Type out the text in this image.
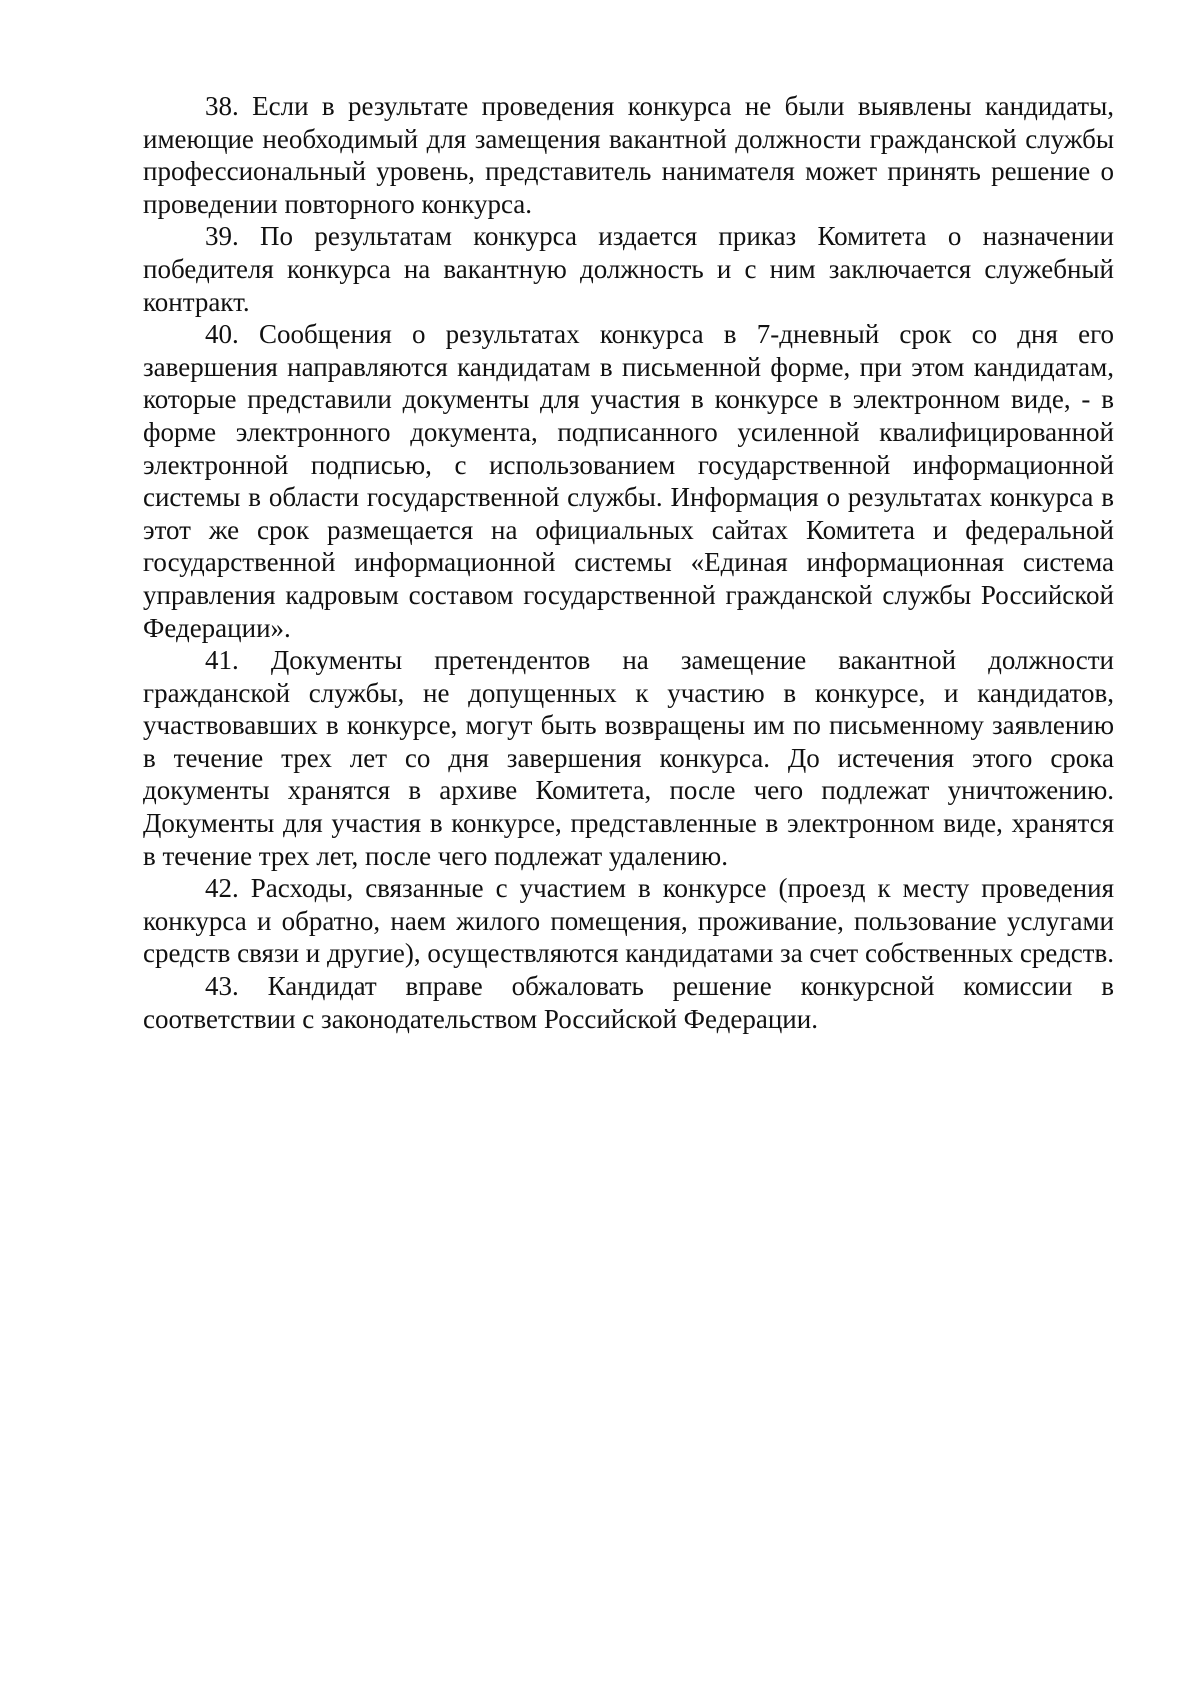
38. Если в результате проведения конкурса не были выявлены кандидаты, имеющие необходимый для замещения вакантной должности гражданской службы профессиональный уровень, представитель нанимателя может принять решение о проведении повторного конкурса.

39. По результатам конкурса издается приказ Комитета о назначении победителя конкурса на вакантную должность и с ним заключается служебный контракт.

40. Сообщения о результатах конкурса в 7-дневный срок со дня его завершения направляются кандидатам в письменной форме, при этом кандидатам, которые представили документы для участия в конкурсе в электронном виде, - в форме электронного документа, подписанного усиленной квалифицированной электронной подписью, с использованием государственной информационной системы в области государственной службы. Информация о результатах конкурса в этот же срок размещается на официальных сайтах Комитета и федеральной государственной информационной системы «Единая информационная система управления кадровым составом государственной гражданской службы Российской Федерации».

41. Документы претендентов на замещение вакантной должности гражданской службы, не допущенных к участию в конкурсе, и кандидатов, участвовавших в конкурсе, могут быть возвращены им по письменному заявлению в течение трех лет со дня завершения конкурса. До истечения этого срока документы хранятся в архиве Комитета, после чего подлежат уничтожению. Документы для участия в конкурсе, представленные в электронном виде, хранятся в течение трех лет, после чего подлежат удалению.

42. Расходы, связанные с участием в конкурсе (проезд к месту проведения конкурса и обратно, наем жилого помещения, проживание, пользование услугами средств связи и другие), осуществляются кандидатами за счет собственных средств.

43. Кандидат вправе обжаловать решение конкурсной комиссии в соответствии с законодательством Российской Федерации.
